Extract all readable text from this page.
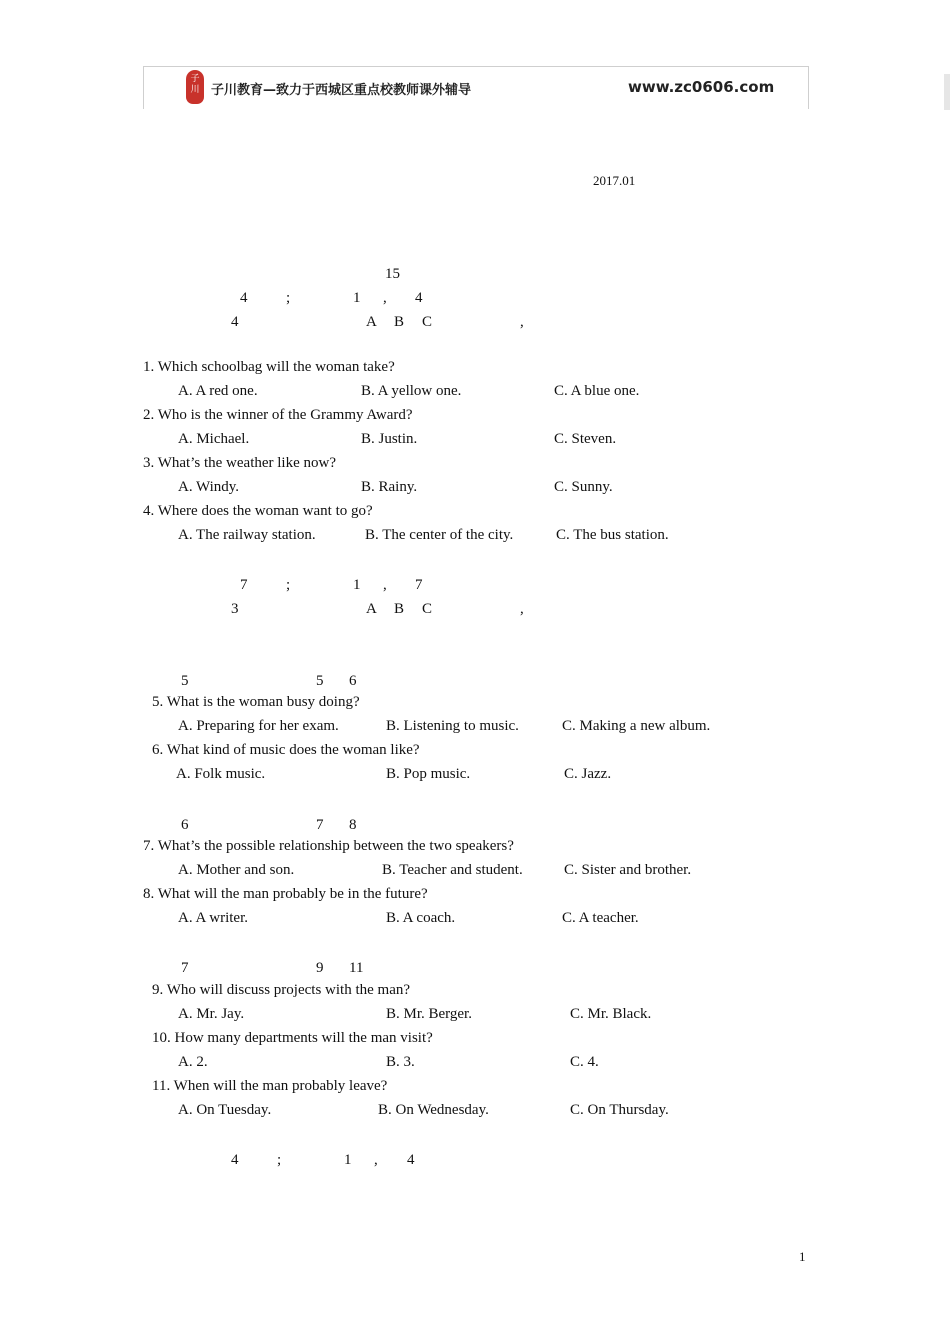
子川 子川教育—致力于西城区重点校教师课外辅导	www.zc0606.com
2017.01
15
4	;	1 , 4
4	A B C	,
1. Which schoolbag will the woman take?
A. A red one.	B. A yellow one.	C. A blue one.
2. Who is the winner of the Grammy Award?
A. Michael.	B. Justin.	C. Steven.
3. What’s the weather like now?
A. Windy.	B. Rainy.	C. Sunny.
4. Where does the woman want to go?
A. The railway station.	B. The center of the city.	C. The bus station.
7	;	1 , 7
3	A B C	,
5	5 6
5. What is the woman busy doing?
A. Preparing for her exam.	B. Listening to music.	C. Making a new album.
6. What kind of music does the woman like?
A. Folk music.	B. Pop music.	C. Jazz.
6	7 8
7. What’s the possible relationship between the two speakers?
A. Mother and son.	B. Teacher and student.	C. Sister and brother.
8. What will the man probably be in the future?
A. A writer.	B. A coach.	C. A teacher.
7	9 11
9. Who will discuss projects with the man?
A. Mr. Jay.	B. Mr. Berger.	C. Mr. Black.
10. How many departments will the man visit?
A. 2.	B. 3.	C. 4.
11. When will the man probably leave?
A. On Tuesday.	B. On Wednesday.	C. On Thursday.
4	;	1 , 4
1
